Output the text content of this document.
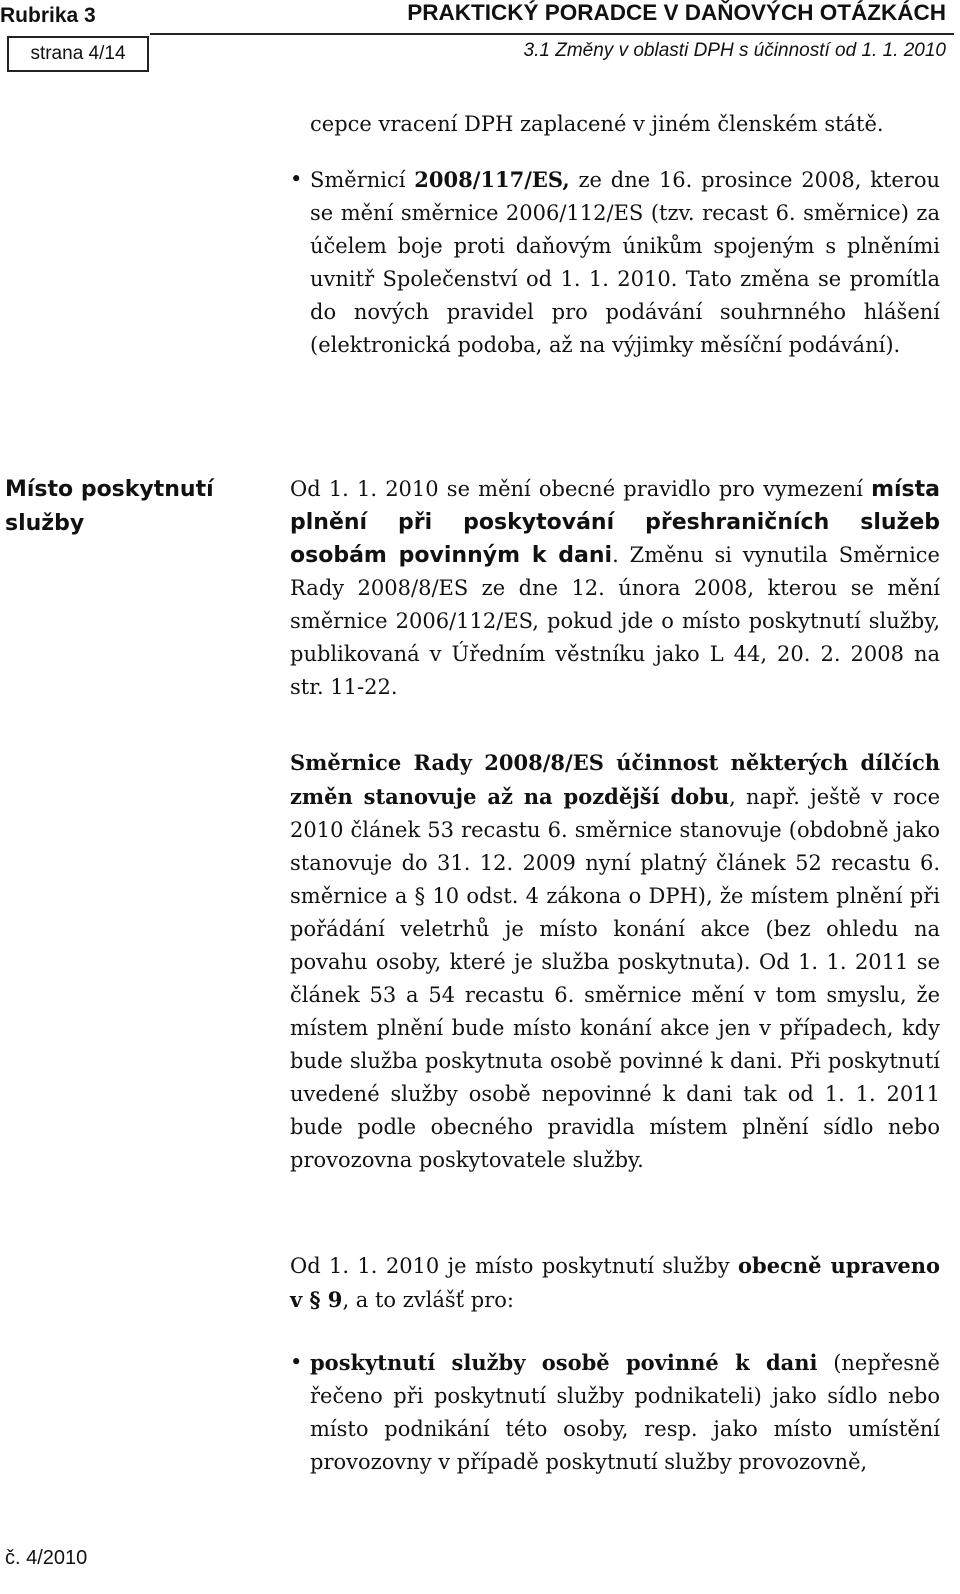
Rubrika 3	PRAKTICKÝ PORADCE V DAŇOVÝCH OTÁZKÁCH
strana 4/14	3.1 Změny v oblasti DPH s účinností od 1. 1. 2010

cepce vracení DPH zaplacené v jiném členském státě.

• Směrnicí 2008/117/ES, ze dne 16. prosince 2008, kterou se mění směrnice 2006/112/ES (tzv. recast 6. směrnice) za účelem boje proti daňovým únikům spojeným s plněními uvnitř Společenství od 1. 1. 2010. Tato změna se promítla do nových pravidel pro podávání souhrnného hlášení (elektronická podoba, až na výjimky měsíční podávání).
Místo poskytnutí
služby

Od 1. 1. 2010 se mění obecné pravidlo pro vymezení místa plnění při poskytování přeshraničních služeb osobám povinným k dani. Změnu si vynutila Směrnice Rady 2008/8/ES ze dne 12. února 2008, kterou se mění směrnice 2006/112/ES, pokud jde o místo poskytnutí služby, publikovaná v Úředním věstníku jako L 44, 20. 2. 2008 na str. 11-22.

Směrnice Rady 2008/8/ES účinnost některých dílčích změn stanovuje až na pozdější dobu, např. ještě v roce 2010 článek 53 recastu 6. směrnice stanovuje (obdobně jako stanovuje do 31. 12. 2009 nyní platný článek 52 recastu 6. směrnice a § 10 odst. 4 zákona o DPH), že místem plnění při pořádání veletrhů je místo konání akce (bez ohledu na povahu osoby, které je služba poskytnuta). Od 1. 1. 2011 se článek 53 a 54 recastu 6. směrnice mění v tom smyslu, že místem plnění bude místo konání akce jen v případech, kdy bude služba poskytnuta osobě povinné k dani. Při poskytnutí uvedené služby osobě nepovinné k dani tak od 1. 1. 2011 bude podle obecného pravidla místem plnění sídlo nebo provozovna poskytovatele služby.

Od 1. 1. 2010 je místo poskytnutí služby obecně upraveno v § 9, a to zvlášť pro:

• poskytnutí služby osobě povinné k dani (nepřesně řečeno při poskytnutí služby podnikateli) jako sídlo nebo místo podnikání této osoby, resp. jako místo umístění provozovny v případě poskytnutí služby provozovně,
č. 4/2010
